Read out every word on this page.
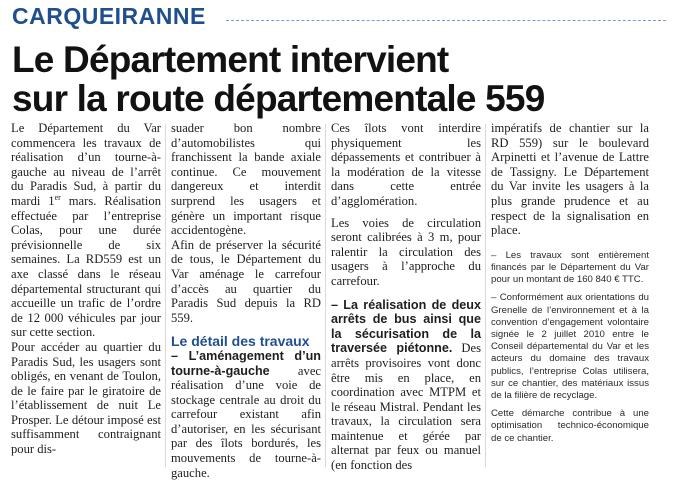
CARQUEIRANNE
Le Département intervient
sur la route départementale 559

Le Département du Var commencera les travaux de réalisation d’un tourne-à-gauche au niveau de l’arrêt du Paradis Sud, à partir du mardi 1er mars. Réalisation effectuée par l’entreprise Colas, pour une durée prévisionnelle de six semaines. La RD559 est un axe classé dans le réseau départemental structurant qui accueille un trafic de l’ordre de 12 000 véhicules par jour sur cette section.

Pour accéder au quartier du Paradis Sud, les usagers sont obligés, en venant de Toulon, de le faire par le giratoire de l’établissement de nuit Le Prosper. Le détour imposé est suffisamment contraignant pour dis-

suader bon nombre d’automobilistes qui franchissent la bande axiale continue. Ce mouvement dangereux et interdit surprend les usagers et génère un important risque accidentogène.

Afin de préserver la sécurité de tous, le Département du Var aménage le carrefour d’accès au quartier du Paradis Sud depuis la RD 559.

Le détail des travaux
– L’aménagement d’un tourne-à-gauche avec réalisation d’une voie de stockage centrale au droit du carrefour existant afin d’autoriser, en les sécurisant par des îlots bordurés, les mouvements de tourne-à-gauche.

Ces îlots vont interdire physiquement les dépassements et contribuer à la modération de la vitesse dans cette entrée d’agglomération.

Les voies de circulation seront calibrées à 3 m, pour ralentir la circulation des usagers à l’approche du carrefour.

– La réalisation de deux arrêts de bus ainsi que la sécurisation de la traversée piétonne. Des arrêts provisoires vont donc être mis en place, en coordination avec MTPM et le réseau Mistral. Pendant les travaux, la circulation sera maintenue et gérée par alternat par feux ou manuel (en fonction des

impératifs de chantier sur la RD 559) sur le boulevard Arpinetti et l’avenue de Lattre de Tassigny. Le Département du Var invite les usagers à la plus grande prudence et au respect de la signalisation en place.

– Les travaux sont entièrement financés par le Département du Var pour un montant de 160 840 € TTC.

– Conformément aux orientations du Grenelle de l’environnement et à la convention d’engagement volontaire signée le 2 juillet 2010 entre le Conseil départemental du Var et les acteurs du domaine des travaux publics, l’entreprise Colas utilisera, sur ce chantier, des matériaux issus de la filière de recyclage.

Cette démarche contribue à une optimisation technico-économique de ce chantier.
